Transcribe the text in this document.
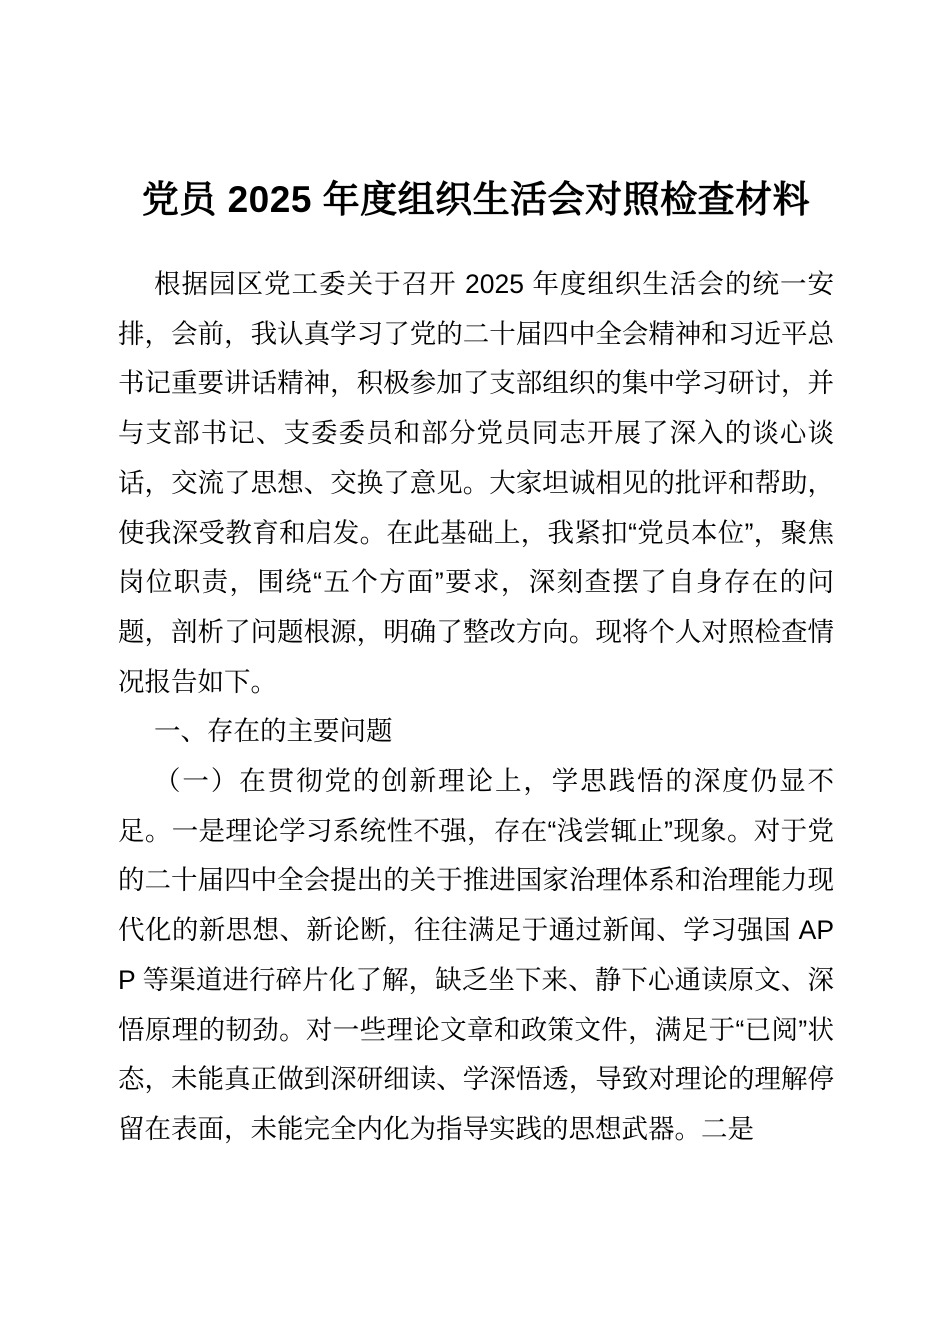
党员 2025 年度组织生活会对照检查材料

根据园区党工委关于召开 2025 年度组织生活会的统一安排，会前，我认真学习了党的二十届四中全会精神和习近平总书记重要讲话精神，积极参加了支部组织的集中学习研讨，并与支部书记、支委委员和部分党员同志开展了深入的谈心谈话，交流了思想、交换了意见。大家坦诚相见的批评和帮助，使我深受教育和启发。在此基础上，我紧扣“党员本位”，聚焦岗位职责，围绕“五个方面”要求，深刻查摆了自身存在的问题，剖析了问题根源，明确了整改方向。现将个人对照检查情况报告如下。

一、存在的主要问题

（一）在贯彻党的创新理论上，学思践悟的深度仍显不足。一是理论学习系统性不强，存在“浅尝辄止”现象。对于党的二十届四中全会提出的关于推进国家治理体系和治理能力现代化的新思想、新论断，往往满足于通过新闻、学习强国 APP 等渠道进行碎片化了解，缺乏坐下来、静下心通读原文、深悟原理的韧劲。对一些理论文章和政策文件，满足于“已阅”状态，未能真正做到深研细读、学深悟透，导致对理论的理解停留在表面，未能完全内化为指导实践的思想武器。二是
